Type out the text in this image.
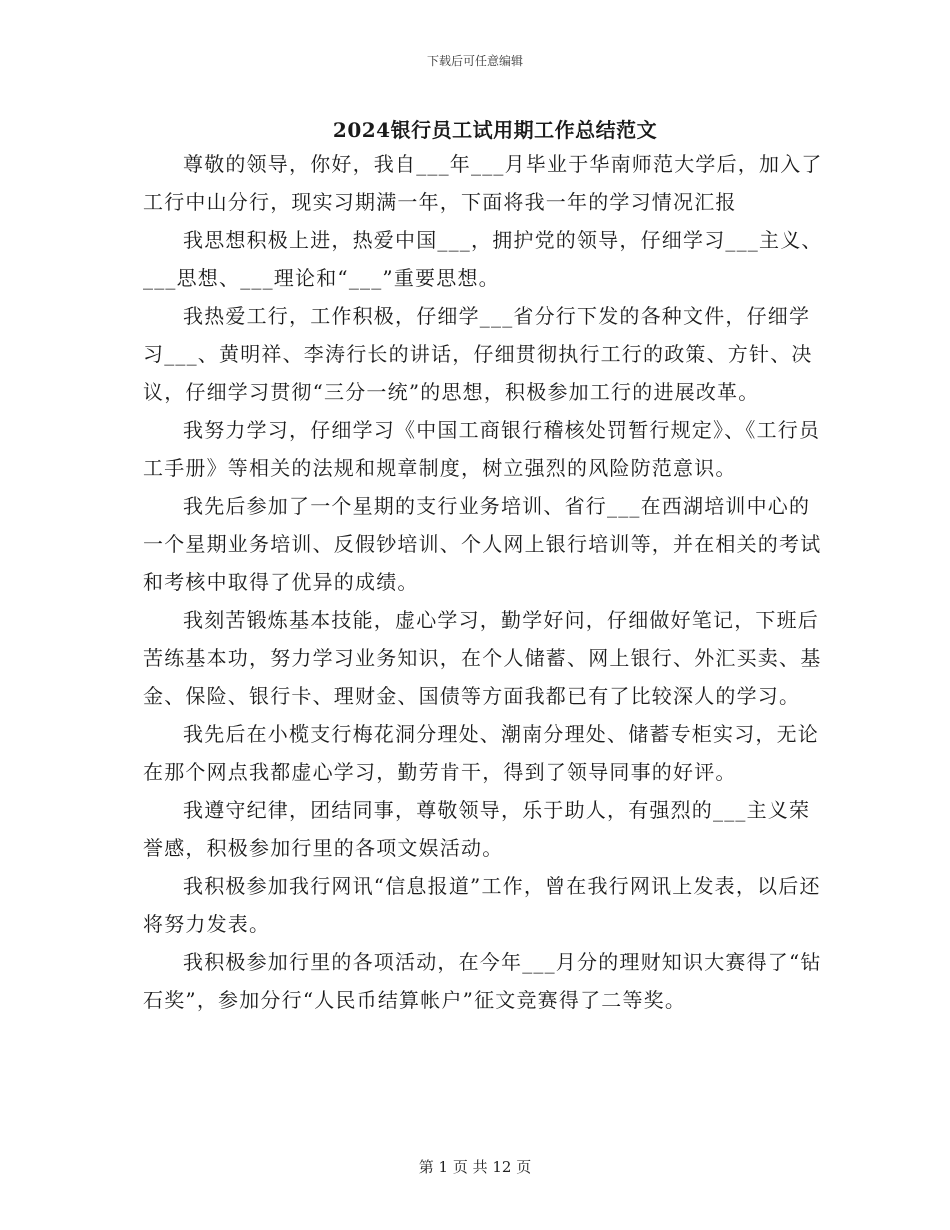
下载后可任意编辑
2024银行员工试用期工作总结范文

尊敬的领导，你好，我自___年___月毕业于华南师范大学后，加入了工行中山分行，现实习期满一年，下面将我一年的学习情况汇报

我思想积极上进，热爱中国___，拥护党的领导，仔细学习___主义、___思想、___理论和“___”重要思想。

我热爱工行，工作积极，仔细学___省分行下发的各种文件，仔细学习___、黄明祥、李涛行长的讲话，仔细贯彻执行工行的政策、方针、决议，仔细学习贯彻“三分一统”的思想，积极参加工行的进展改革。

我努力学习，仔细学习《中国工商银行稽核处罚暂行规定》、《工行员工手册》等相关的法规和规章制度，树立强烈的风险防范意识。

我先后参加了一个星期的支行业务培训、省行___在西湖培训中心的一个星期业务培训、反假钞培训、个人网上银行培训等，并在相关的考试和考核中取得了优异的成绩。

我刻苦锻炼基本技能，虚心学习，勤学好问，仔细做好笔记，下班后苦练基本功，努力学习业务知识，在个人储蓄、网上银行、外汇买卖、基金、保险、银行卡、理财金、国债等方面我都已有了比较深人的学习。

我先后在小榄支行梅花洞分理处、潮南分理处、储蓄专柜实习，无论在那个网点我都虚心学习，勤劳肯干，得到了领导同事的好评。

我遵守纪律，团结同事，尊敬领导，乐于助人，有强烈的___主义荣誉感，积极参加行里的各项文娱活动。

我积极参加我行网讯“信息报道”工作，曾在我行网讯上发表，以后还将努力发表。

我积极参加行里的各项活动，在今年___月分的理财知识大赛得了“钻石奖”，参加分行“人民币结算帐户”征文竞赛得了二等奖。

第 1 页 共 12 页
